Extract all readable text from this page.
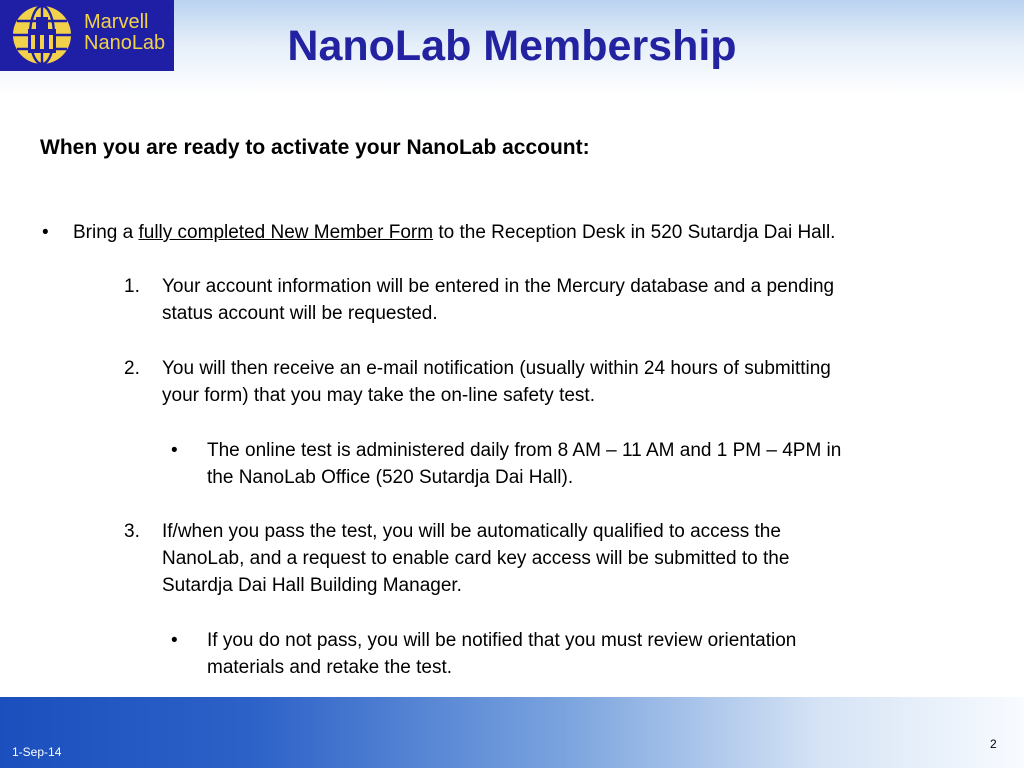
Marvell
NanoLab	NanoLab Membership

When you are ready to activate your NanoLab account:

• Bring a fully completed New Member Form to the Reception Desk in 520 Sutardja Dai Hall.

1. Your account information will be entered in the Mercury database and a pending
status account will be requested.

2. You will then receive an e-mail notification (usually within 24 hours of submitting
your form) that you may take the on-line safety test.

• The online test is administered daily from 8 AM – 11 AM and 1 PM – 4PM in
the NanoLab Office (520 Sutardja Dai Hall).

3. If/when you pass the test, you will be automatically qualified to access the
NanoLab, and a request to enable card key access will be submitted to the
Sutardja Dai Hall Building Manager.

• If you do not pass, you will be notified that you must review orientation
materials and retake the test.

1-Sep-14
2
